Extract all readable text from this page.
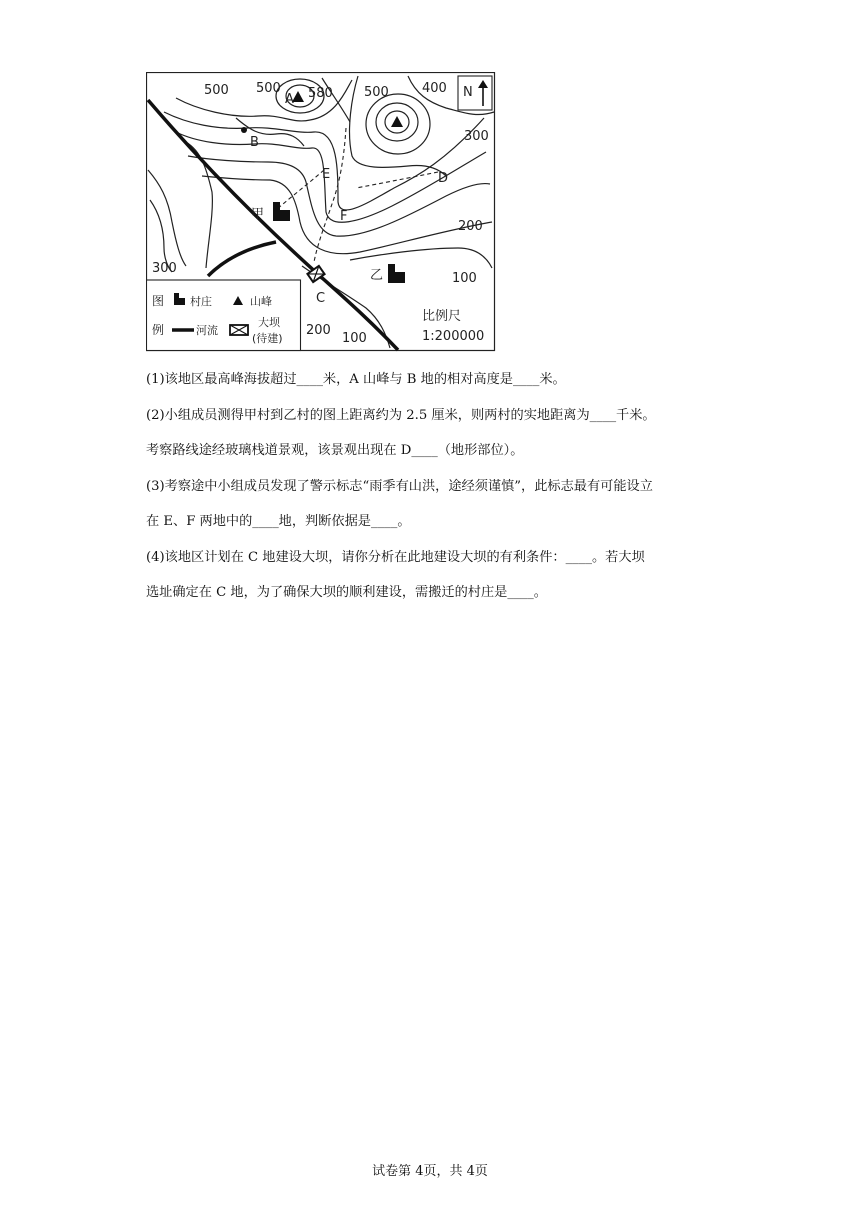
N
500 500
A 580 500	400
300
200
100
300
200
100
B
E
F
D
C
甲
乙
图
例
村庄	山峰
河流
大坝
(待建)
比例尺
1:200000

(1)该地区最高峰海拔超过____米，A 山峰与 B 地的相对高度是____米。

(2)小组成员测得甲村到乙村的图上距离约为 2.5 厘米，则两村的实地距离为____千米。

考察路线途经玻璃栈道景观，该景观出现在 D____（地形部位）。

(3)考察途中小组成员发现了警示标志“雨季有山洪，途经须谨慎”，此标志最有可能设立

在 E、F 两地中的____地，判断依据是____。

(4)该地区计划在 C 地建设大坝，请你分析在此地建设大坝的有利条件：____。若大坝

选址确定在 C 地，为了确保大坝的顺利建设，需搬迁的村庄是____。

试卷第 4页，共 4页
